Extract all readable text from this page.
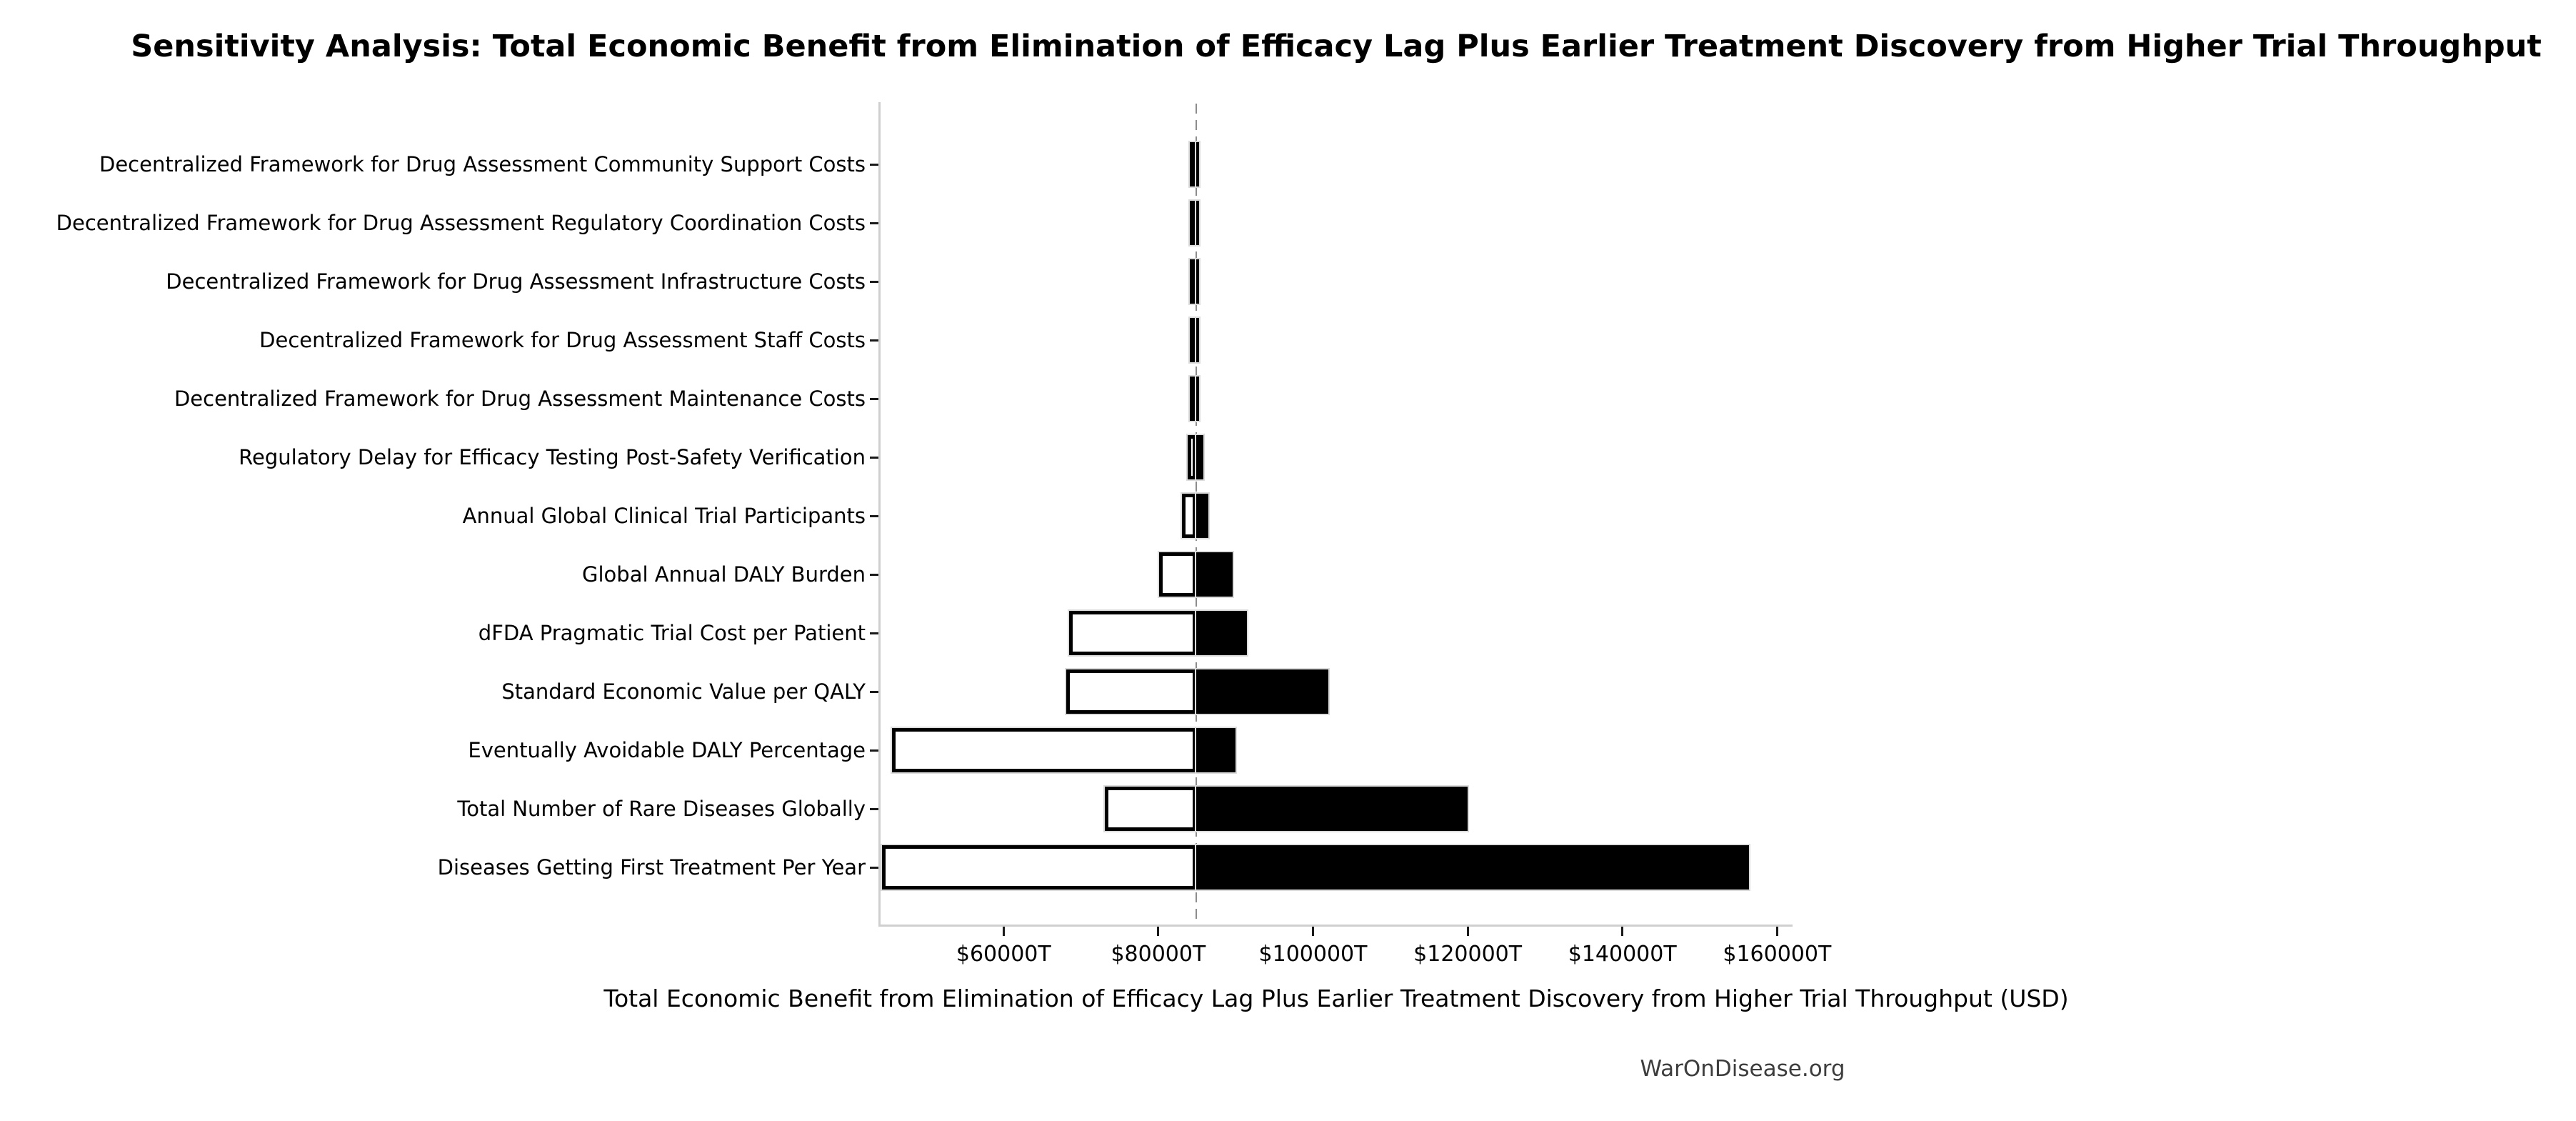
Sensitivity Analysis: Total Economic Benefit from Elimination of Efficacy Lag Plus Earlier Treatment Discovery from Higher Trial Throughput
Decentralized Framework for Drug Assessment Community Support Costs
Decentralized Framework for Drug Assessment Regulatory Coordination Costs
Decentralized Framework for Drug Assessment Infrastructure Costs
Decentralized Framework for Drug Assessment Staff Costs
Decentralized Framework for Drug Assessment Maintenance Costs
Regulatory Delay for Efficacy Testing Post-Safety Verification
Annual Global Clinical Trial Participants
Global Annual DALY Burden
dFDA Pragmatic Trial Cost per Patient
Standard Economic Value per QALY
Eventually Avoidable DALY Percentage
Total Number of Rare Diseases Globally
Diseases Getting First Treatment Per Year
$60000T	$80000T $100000T $120000T $140000T $160000T
Total Economic Benefit from Elimination of Efficacy Lag Plus Earlier Treatment Discovery from Higher Trial Throughput (USD)
WarOnDisease.org
